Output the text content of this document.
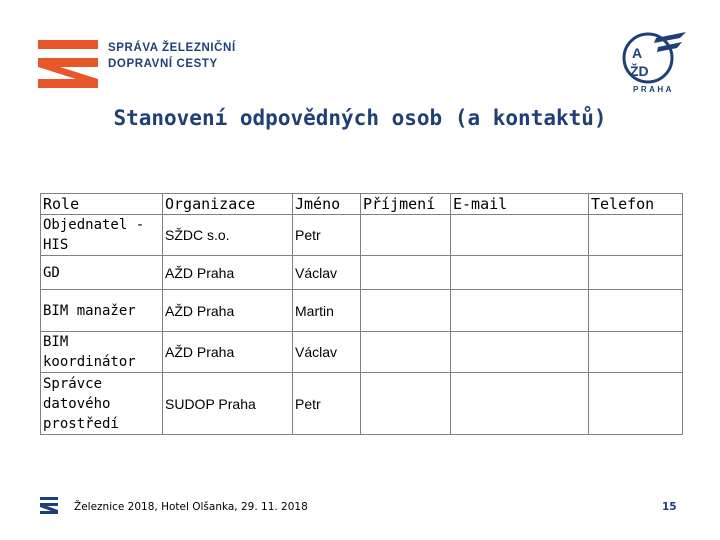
SPRÁVA ŽELEZNIČNÍ
DOPRAVNÍ CESTY
A
ŽD
PRAHA
Stanovení odpovědných osob (a kontaktů)
Role	Organizace	Jméno	Příjmení	E-mail	Telefon
Objednatel - HIS	SŽDC s.o.	Petr			
GD	AŽD Praha	Václav			
BIM manažer	AŽD Praha	Martin			
BIM koordinátor	AŽD Praha	Václav			
Správce datového prostředí	SUDOP Praha	Petr			
Železnice 2018, Hotel Olšanka, 29. 11. 2018	15
